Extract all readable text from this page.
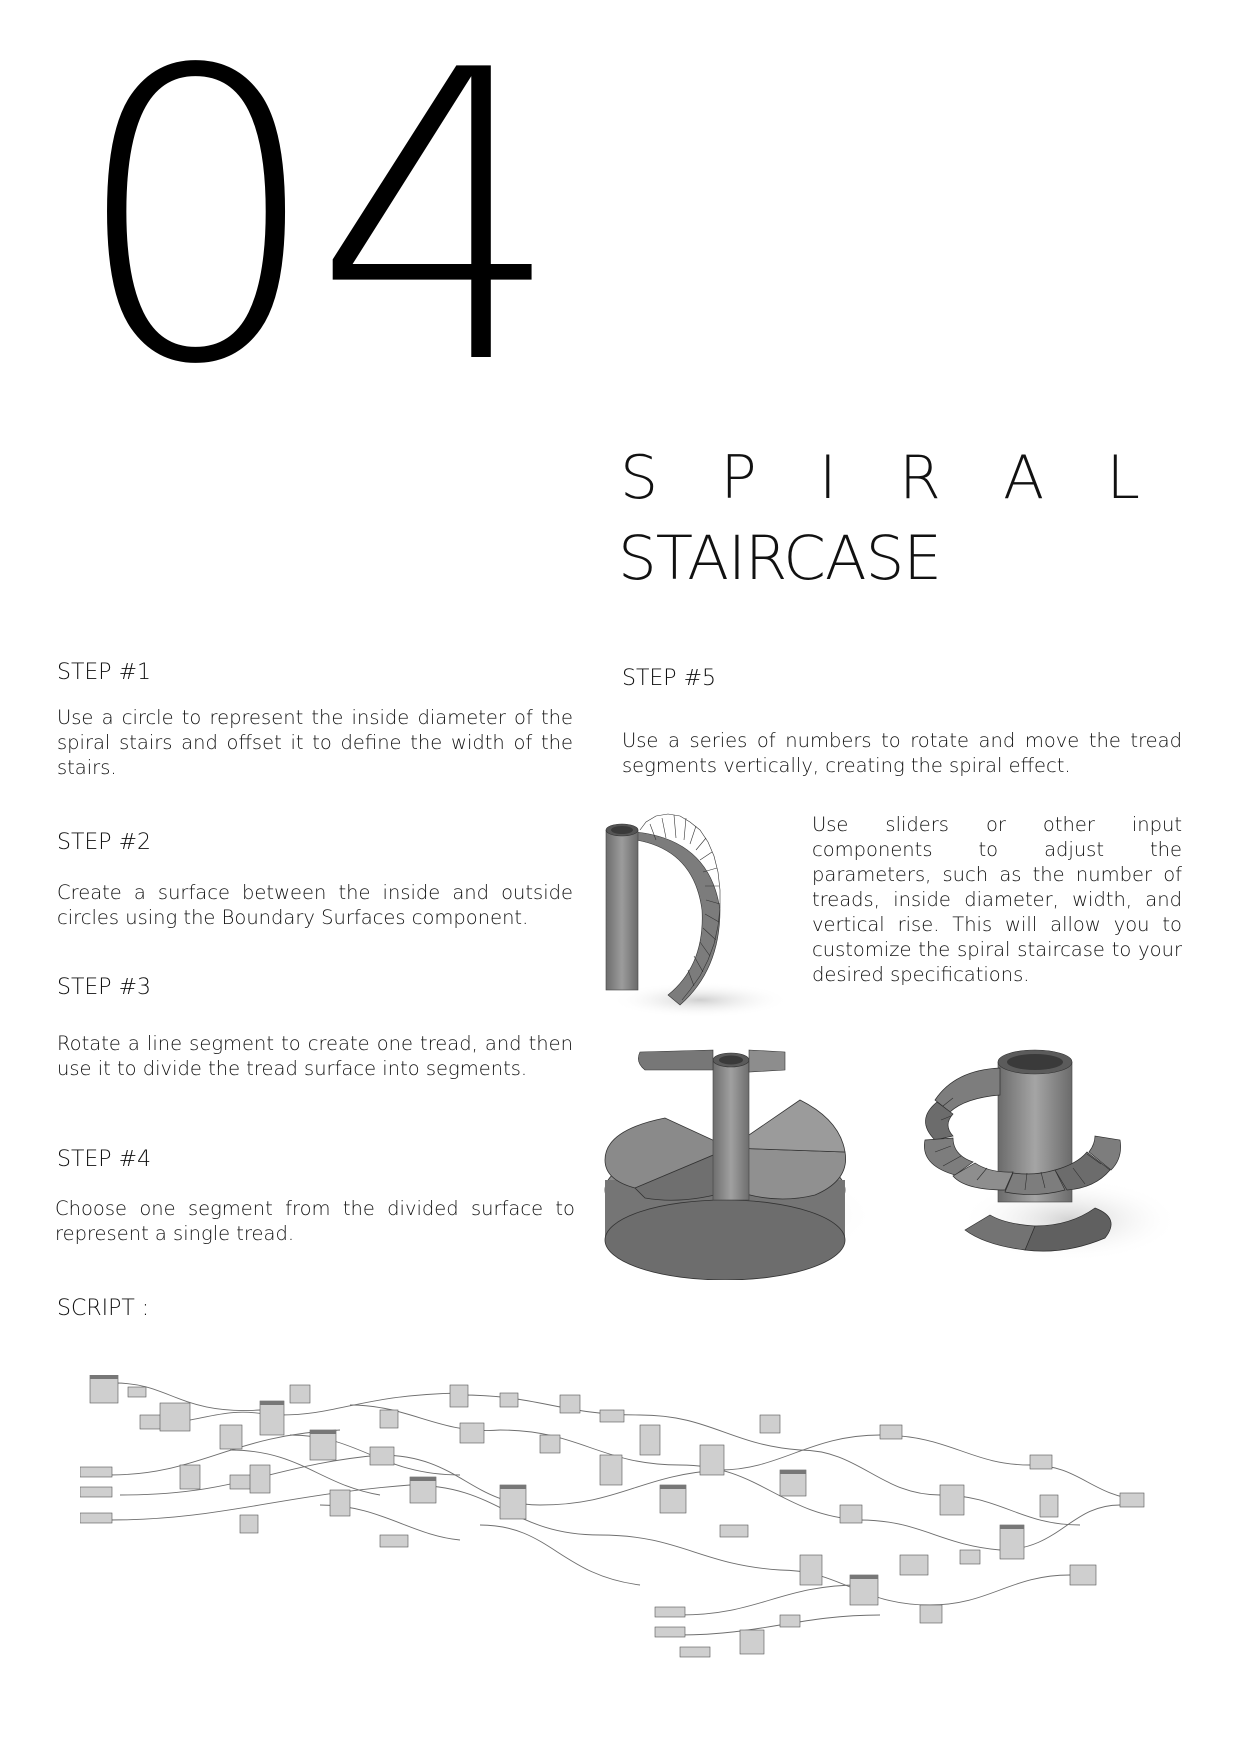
04
S P I R A L
STAIRCASE
STEP #1
Use a circle to represent the inside diameter of the spiral stairs and offset it to define the width of the stairs.
STEP #2
Create a surface between the inside and outside circles using the Boundary Surfaces component.
STEP #3
Rotate a line segment to create one tread, and then use it to divide the tread surface into segments.
STEP #4
Choose one segment from the divided surface to represent a single tread.
SCRIPT :
STEP #5
Use a series of numbers to rotate and move the tread segments vertically, creating the spiral effect.
Use sliders or other input components to adjust the parameters, such as the number of treads, inside diameter, width, and vertical rise. This will allow you to customize the spiral staircase to your desired specifications.
